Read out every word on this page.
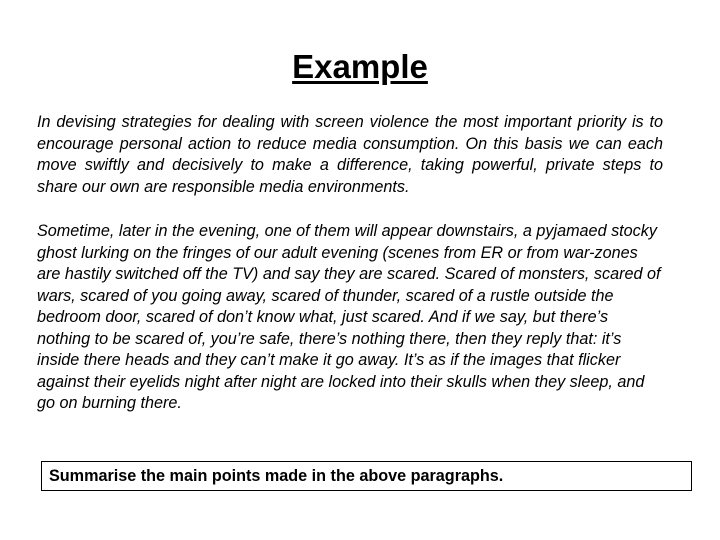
Example

In devising strategies for dealing with screen violence the most important priority is to encourage personal action to reduce media consumption. On this basis we can each move swiftly and decisively to make a difference, taking powerful, private steps to share our own are responsible media environments.

Sometime, later in the evening, one of them will appear downstairs, a pyjamaed stocky ghost lurking on the fringes of our adult evening (scenes from ER or from war-zones are hastily switched off the TV) and say they are scared. Scared of monsters, scared of wars, scared of you going away, scared of thunder, scared of a rustle outside the bedroom door, scared of don’t know what, just scared. And if we say, but there’s nothing to be scared of, you’re safe, there’s nothing there, then they reply that: it’s inside there heads and they can’t make it go away. It’s as if the images that flicker against their eyelids night after night are locked into their skulls when they sleep, and go on burning there.

Summarise the main points made in the above paragraphs.
